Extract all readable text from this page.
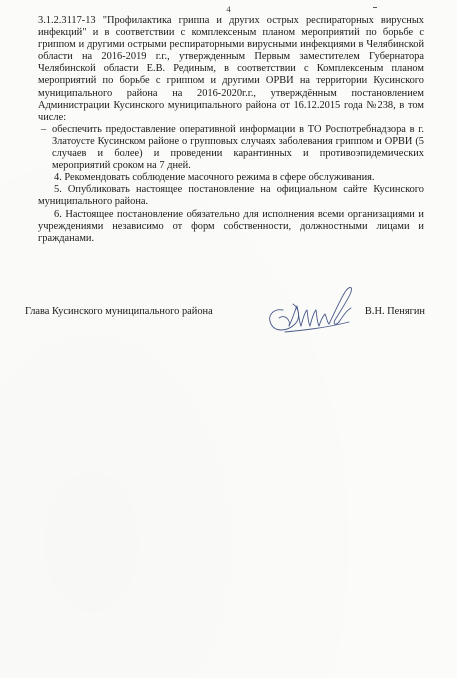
4

3.1.2.3117-13 "Профилактика гриппа и других острых респираторных вирусных инфекций" и в соответствии с комплексеным планом мероприятий по борьбе с гриппом и другими острыми респираторными вирусными инфекциями в Челябинской области на 2016-2019 г.г., утвержденным Первым заместителем Губернатора Челябинской области Е.В. Рединым, в соответствии с Комплексеным планом мероприятий по борьбе с гриппом и другими ОРВИ на территории Кусинского муниципального района на 2016-2020г.г., утверждённым постановлением Администрации Кусинского муниципального района от 16.12.2015 года №238, в том числе:

– обеспечить предоставление оперативной информации в ТО Роспотребнадзора в г. Златоусте Кусинском районе о групповых случаях заболевания гриппом и ОРВИ (5 случаев и более) и проведении карантинных и противоэпидемических мероприятий сроком на 7 дней.

4. Рекомендовать соблюдение масочного режима в сфере обслуживания.

5. Опубликовать настоящее постановление на официальном сайте Кусинского муниципального района.

6. Настоящее постановление обязательно для исполнения всеми организациями и учреждениями независимо от форм собственности, должностными лицами и гражданами.

Глава Кусинского муниципального района	В.Н. Пенягин
